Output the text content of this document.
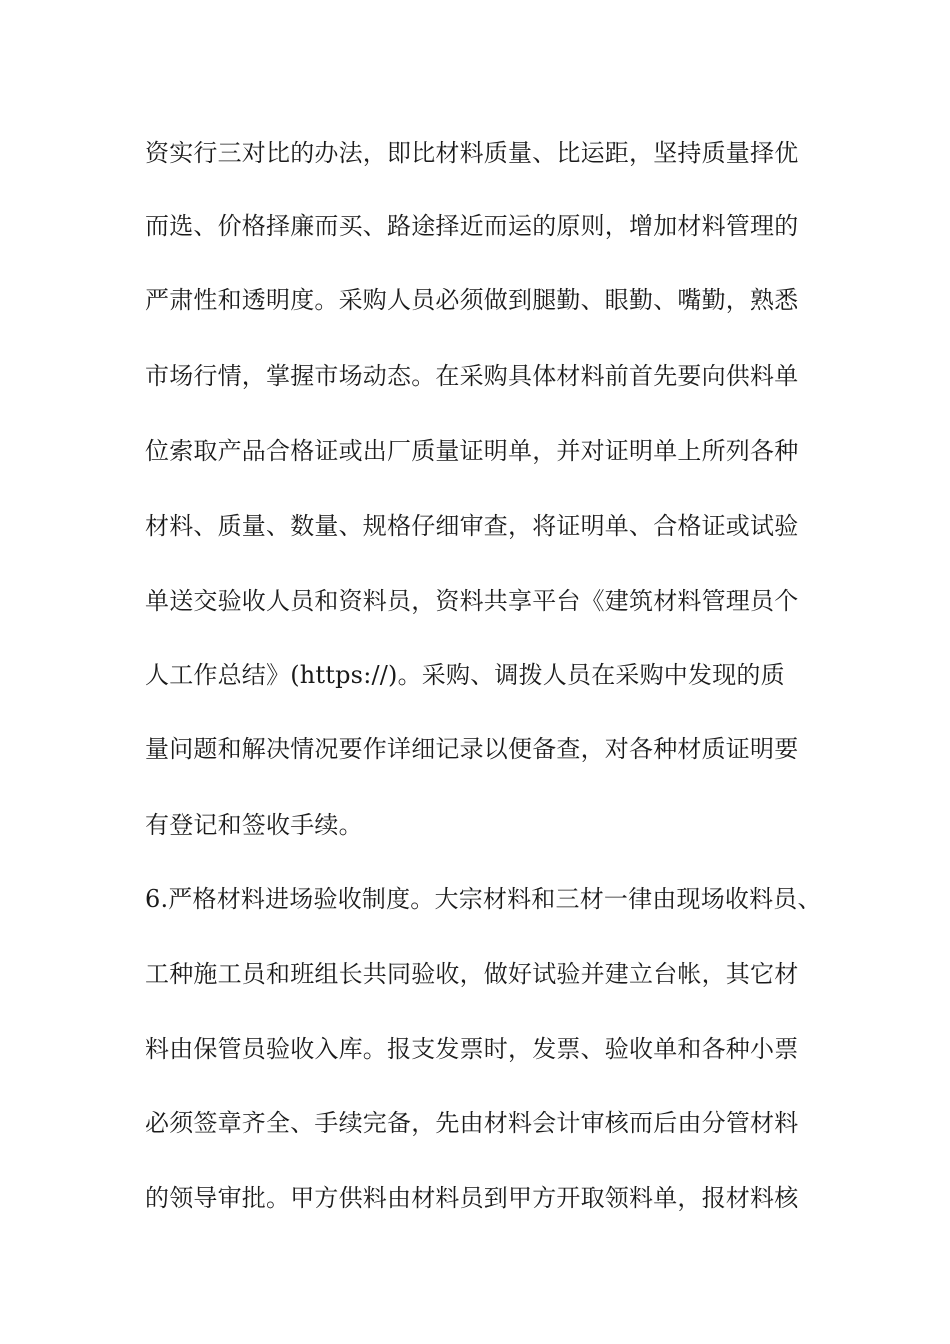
资实行三对比的办法，即比材料质量、比运距，坚持质量择优
而选、价格择廉而买、路途择近而运的原则，增加材料管理的
严肃性和透明度。采购人员必须做到腿勤、眼勤、嘴勤，熟悉
市场行情，掌握市场动态。在采购具体材料前首先要向供料单
位索取产品合格证或出厂质量证明单，并对证明单上所列各种
材料、质量、数量、规格仔细审查，将证明单、合格证或试验
单送交验收人员和资料员，资料共享平台《建筑材料管理员个
人工作总结》(https://)。采购、调拨人员在采购中发现的质
量问题和解决情况要作详细记录以便备查，对各种材质证明要
有登记和签收手续。
6.严格材料进场验收制度。大宗材料和三材一律由现场收料员、
工种施工员和班组长共同验收，做好试验并建立台帐，其它材
料由保管员验收入库。报支发票时，发票、验收单和各种小票
必须签章齐全、手续完备，先由材料会计审核而后由分管材料
的领导审批。甲方供料由材料员到甲方开取领料单，报材料核
